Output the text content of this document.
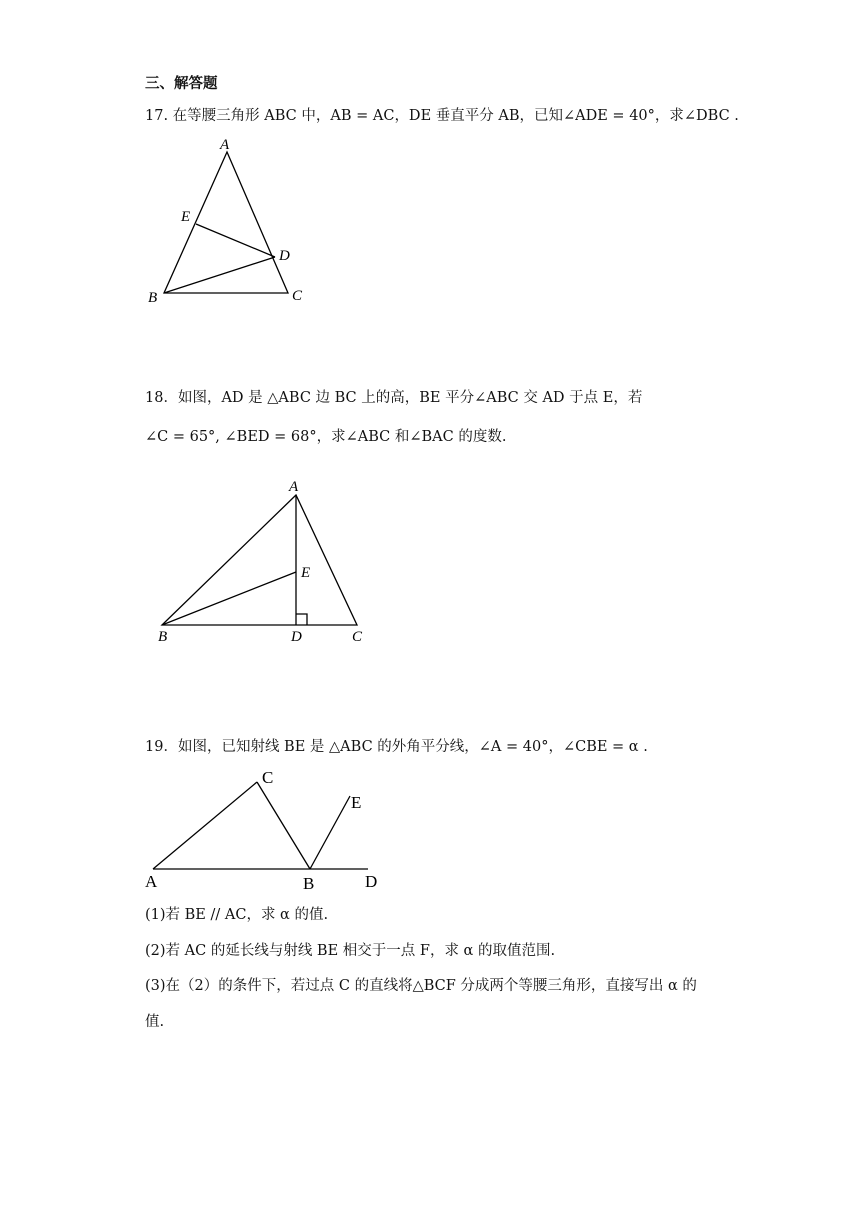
三、解答题
17. 在等腰三角形 ABC 中，AB = AC，DE 垂直平分 AB，已知∠ADE = 40°，求∠DBC .
A
E
D
B	C
18．如图，AD 是 △ABC 边 BC 上的高，BE 平分∠ABC 交 AD 于点 E，若
∠C = 65°, ∠BED = 68°，求∠ABC 和∠BAC 的度数.
A
E
B	D	C
19．如图，已知射线 BE 是 △ABC 的外角平分线，∠A = 40°，∠CBE = α .
C
E
A	B	D
(1)若 BE // AC，求 α 的值.
(2)若 AC 的延长线与射线 BE 相交于一点 F，求 α 的取值范围.
(3)在（2）的条件下，若过点 C 的直线将△BCF 分成两个等腰三角形，直接写出 α 的
值.
